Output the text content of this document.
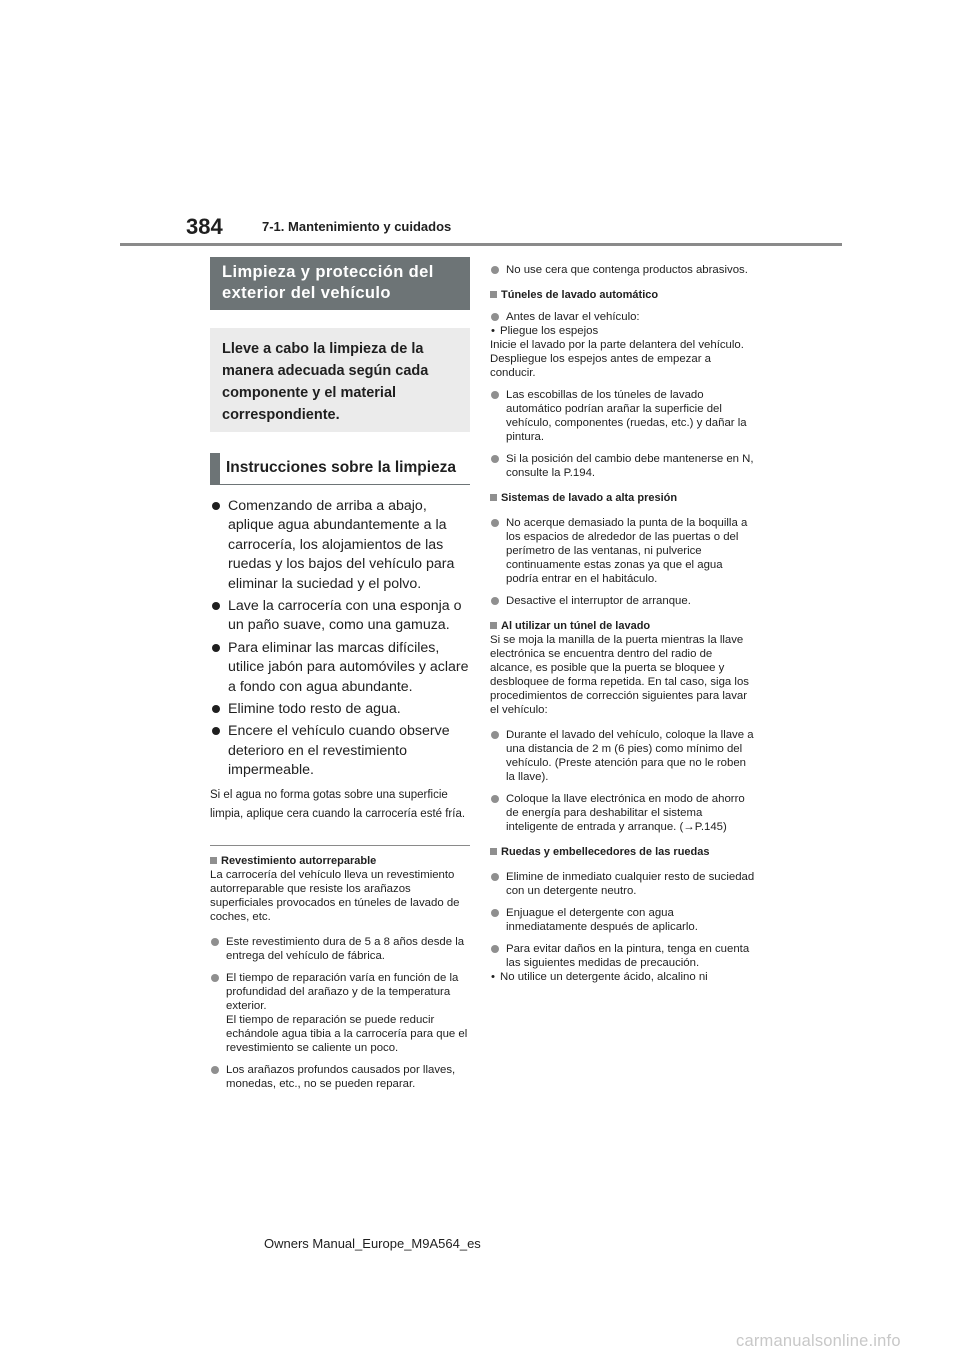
384	7-1. Mantenimiento y cuidados
Limpieza y protección del exterior del vehículo
Lleve a cabo la limpieza de la manera adecuada según cada componente y el material correspondiente.
Instrucciones sobre la limpieza
Comenzando de arriba a abajo, aplique agua abundantemente a la carrocería, los alojamientos de las ruedas y los bajos del vehículo para eliminar la suciedad y el polvo.
Lave la carrocería con una esponja o un paño suave, como una gamuza.
Para eliminar las marcas difíciles, utilice jabón para automóviles y aclare a fondo con agua abundante.
Elimine todo resto de agua.
Encere el vehículo cuando observe deterioro en el revestimiento impermeable.
Si el agua no forma gotas sobre una superficie limpia, aplique cera cuando la carrocería esté fría.
Revestimiento autorreparable
La carrocería del vehículo lleva un revestimiento autorreparable que resiste los arañazos superficiales provocados en túneles de lavado de coches, etc.
Este revestimiento dura de 5 a 8 años desde la entrega del vehículo de fábrica.
El tiempo de reparación varía en función de la profundidad del arañazo y de la temperatura exterior.
El tiempo de reparación se puede reducir echándole agua tibia a la carrocería para que el revestimiento se caliente un poco.
Los arañazos profundos causados por llaves, monedas, etc., no se pueden reparar.
No use cera que contenga productos abrasivos.
Túneles de lavado automático
Antes de lavar el vehículo:
• Pliegue los espejos
Inicie el lavado por la parte delantera del vehículo. Despliegue los espejos antes de empezar a conducir.
Las escobillas de los túneles de lavado automático podrían arañar la superficie del vehículo, componentes (ruedas, etc.) y dañar la pintura.
Si la posición del cambio debe mantenerse en N, consulte la P.194.
Sistemas de lavado a alta presión
No acerque demasiado la punta de la boquilla a los espacios de alrededor de las puertas o del perímetro de las ventanas, ni pulverice continuamente estas zonas ya que el agua podría entrar en el habitáculo.
Desactive el interruptor de arranque.
Al utilizar un túnel de lavado
Si se moja la manilla de la puerta mientras la llave electrónica se encuentra dentro del radio de alcance, es posible que la puerta se bloquee y desbloquee de forma repetida. En tal caso, siga los procedimientos de corrección siguientes para lavar el vehículo:
Durante el lavado del vehículo, coloque la llave a una distancia de 2 m (6 pies) como mínimo del vehículo. (Preste atención para que no le roben la llave).
Coloque la llave electrónica en modo de ahorro de energía para deshabilitar el sistema inteligente de entrada y arranque. (→P.145)
Ruedas y embellecedores de las ruedas
Elimine de inmediato cualquier resto de suciedad con un detergente neutro.
Enjuague el detergente con agua inmediatamente después de aplicarlo.
Para evitar daños en la pintura, tenga en cuenta las siguientes medidas de precaución.
• No utilice un detergente ácido, alcalino ni
Owners Manual_Europe_M9A564_es
carmanualsonline.info
